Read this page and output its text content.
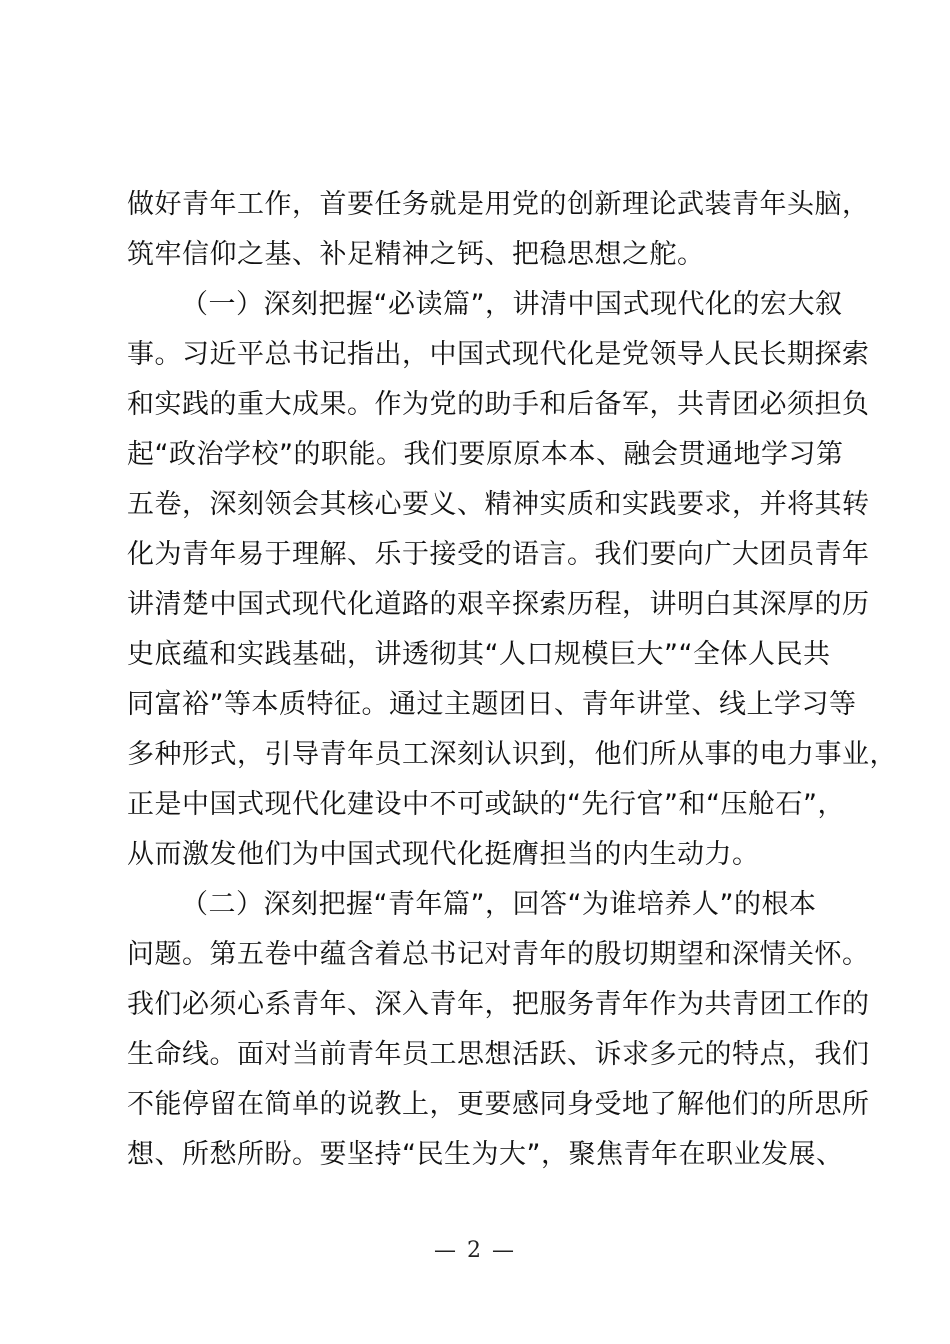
做好青年工作，首要任务就是用党的创新理论武装青年头脑，
筑牢信仰之基、补足精神之钙、把稳思想之舵。
（一）深刻把握“必读篇”，讲清中国式现代化的宏大叙
事。习近平总书记指出，中国式现代化是党领导人民长期探索
和实践的重大成果。作为党的助手和后备军，共青团必须担负
起“政治学校”的职能。我们要原原本本、融会贯通地学习第
五卷，深刻领会其核心要义、精神实质和实践要求，并将其转
化为青年易于理解、乐于接受的语言。我们要向广大团员青年
讲清楚中国式现代化道路的艰辛探索历程，讲明白其深厚的历
史底蕴和实践基础，讲透彻其“人口规模巨大”“全体人民共
同富裕”等本质特征。通过主题团日、青年讲堂、线上学习等
多种形式，引导青年员工深刻认识到，他们所从事的电力事业，
正是中国式现代化建设中不可或缺的“先行官”和“压舱石”，
从而激发他们为中国式现代化挺膺担当的内生动力。
（二）深刻把握“青年篇”，回答“为谁培养人”的根本
问题。第五卷中蕴含着总书记对青年的殷切期望和深情关怀。
我们必须心系青年、深入青年，把服务青年作为共青团工作的
生命线。面对当前青年员工思想活跃、诉求多元的特点，我们
不能停留在简单的说教上，更要感同身受地了解他们的所思所
想、所愁所盼。要坚持“民生为大”，聚焦青年在职业发展、
— 2 —
